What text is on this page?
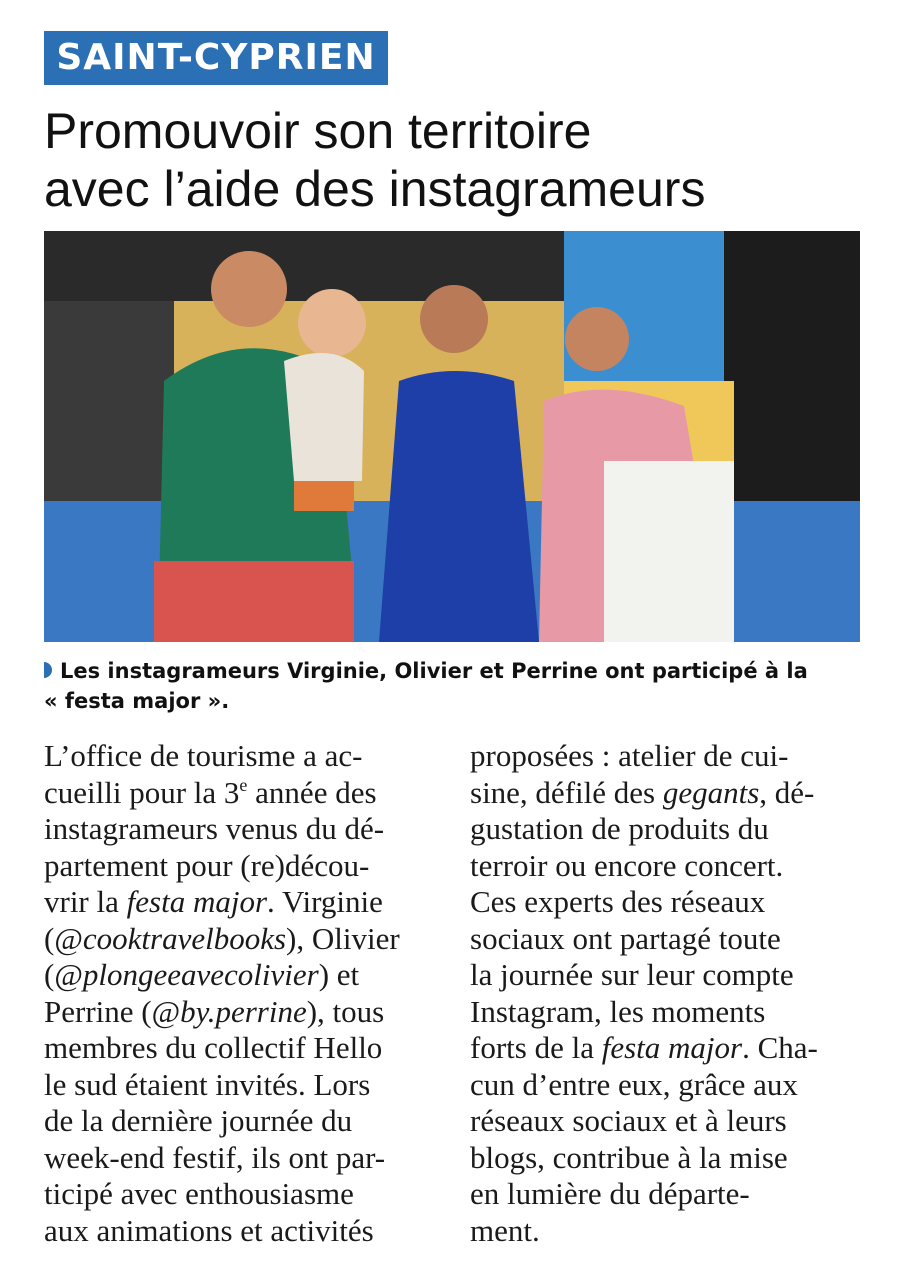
SAINT-CYPRIEN
Promouvoir son territoire
avec l’aide des instagrameurs

Les instagrameurs Virginie, Olivier et Perrine ont participé à la
« festa major ».

L’office de tourisme a ac-
cueilli pour la 3e année des
instagrameurs venus du dé-
partement pour (re)décou-
vrir la festa major. Virginie
(@cooktravelbooks), Olivier
(@plongeeavecolivier) et
Perrine (@by.perrine), tous
membres du collectif Hello
le sud étaient invités. Lors
de la dernière journée du
week-end festif, ils ont par-
ticipé avec enthousiasme
aux animations et activités
proposées : atelier de cui-
sine, défilé des gegants, dé-
gustation de produits du
terroir ou encore concert.
Ces experts des réseaux
sociaux ont partagé toute
la journée sur leur compte
Instagram, les moments
forts de la festa major. Cha-
cun d’entre eux, grâce aux
réseaux sociaux et à leurs
blogs, contribue à la mise
en lumière du départe-
ment.
